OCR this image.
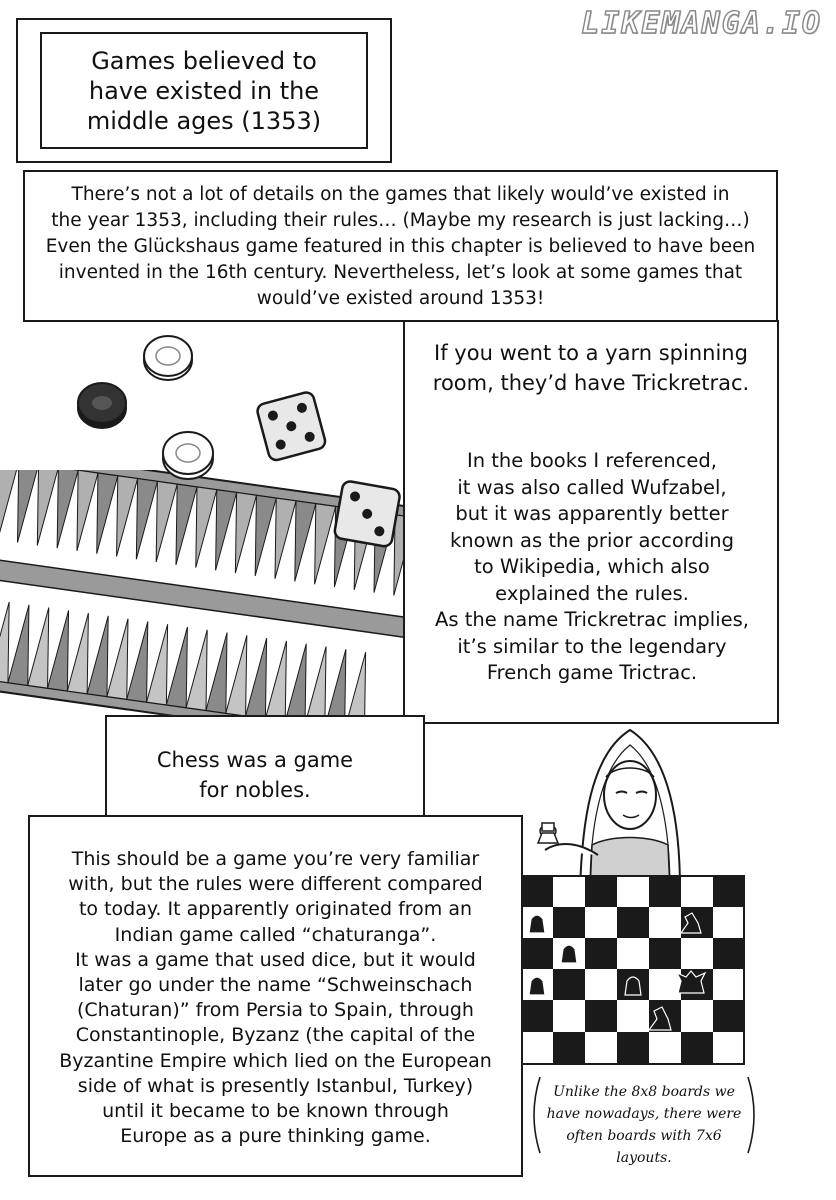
LIKEMANGA.IO
Games believed to
have existed in the
middle ages (1353)
There’s not a lot of details on the games that likely would’ve existed in
the year 1353, including their rules… (Maybe my research is just lacking…)
Even the Glückshaus game featured in this chapter is believed to have been
invented in the 16th century. Nevertheless, let’s look at some games that
would’ve existed around 1353!
If you went to a yarn spinning
room, they’d have Trickretrac.
In the books I referenced,
it was also called Wufzabel,
but it was apparently better
known as the prior according
to Wikipedia, which also
explained the rules.
As the name Trickretrac implies,
it’s similar to the legendary
French game Trictrac.
Chess was a game
for nobles.
This should be a game you’re very familiar
with, but the rules were different compared
to today. It apparently originated from an
Indian game called “chaturanga”.
It was a game that used dice, but it would
later go under the name “Schweinschach
(Chaturan)” from Persia to Spain, through
Constantinople, Byzanz (the capital of the
Byzantine Empire which lied on the European
side of what is presently Istanbul, Turkey)
until it became to be known through
Europe as a pure thinking game.
Unlike the 8x8 boards we
have nowadays, there were
often boards with 7x6 layouts.
